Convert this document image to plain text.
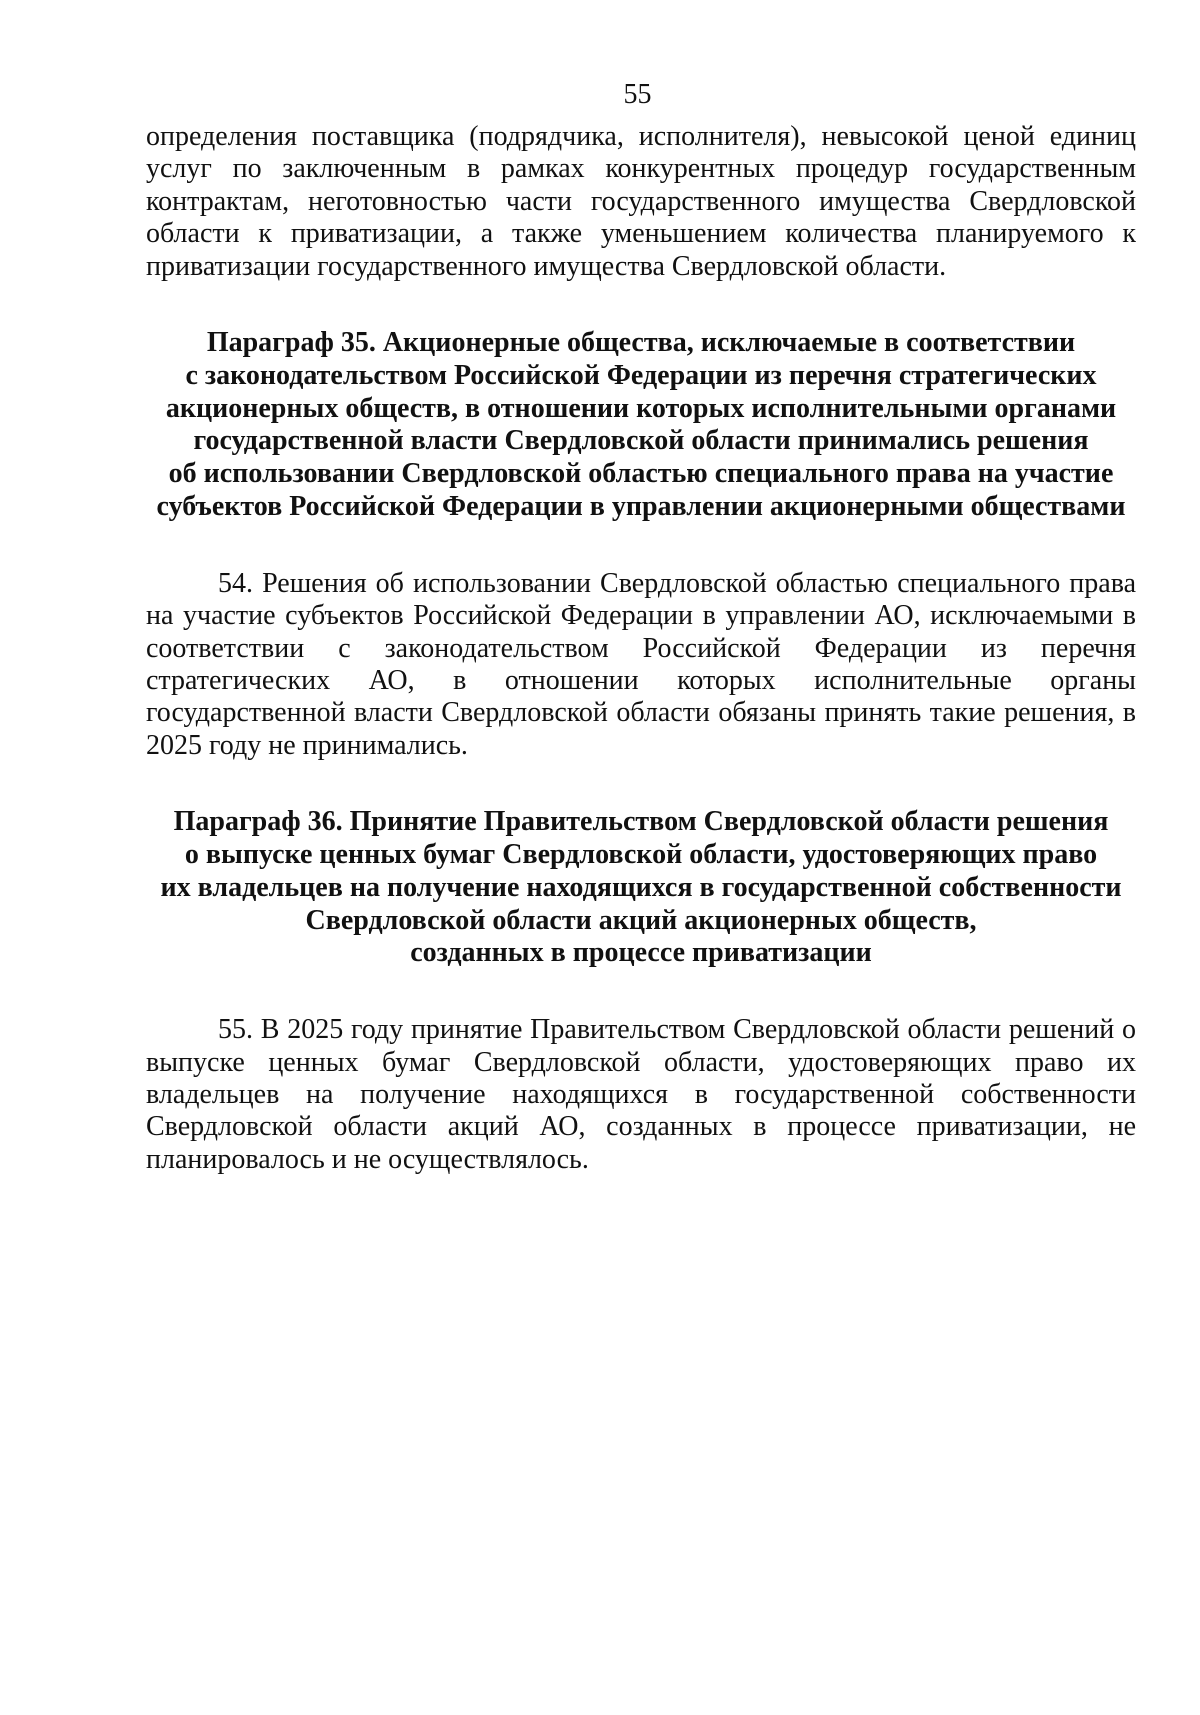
55

определения поставщика (подрядчика, исполнителя), невысокой ценой единиц услуг по заключенным в рамках конкурентных процедур государственным контрактам, неготовностью части государственного имущества Свердловской области к приватизации, а также уменьшением количества планируемого к приватизации государственного имущества Свердловской области.

Параграф 35. Акционерные общества, исключаемые в соответствии
с законодательством Российской Федерации из перечня стратегических
акционерных обществ, в отношении которых исполнительными органами
государственной власти Свердловской области принимались решения
об использовании Свердловской областью специального права на участие
субъектов Российской Федерации в управлении акционерными обществами

54. Решения об использовании Свердловской областью специального права на участие субъектов Российской Федерации в управлении АО, исключаемыми в соответствии с законодательством Российской Федерации из перечня стратегических АО, в отношении которых исполнительные органы государственной власти Свердловской области обязаны принять такие решения, в 2025 году не принимались.

Параграф 36. Принятие Правительством Свердловской области решения
о выпуске ценных бумаг Свердловской области, удостоверяющих право
их владельцев на получение находящихся в государственной собственности
Свердловской области акций акционерных обществ,
созданных в процессе приватизации

55. В 2025 году принятие Правительством Свердловской области решений о выпуске ценных бумаг Свердловской области, удостоверяющих право их владельцев на получение находящихся в государственной собственности Свердловской области акций АО, созданных в процессе приватизации, не планировалось и не осуществлялось.
